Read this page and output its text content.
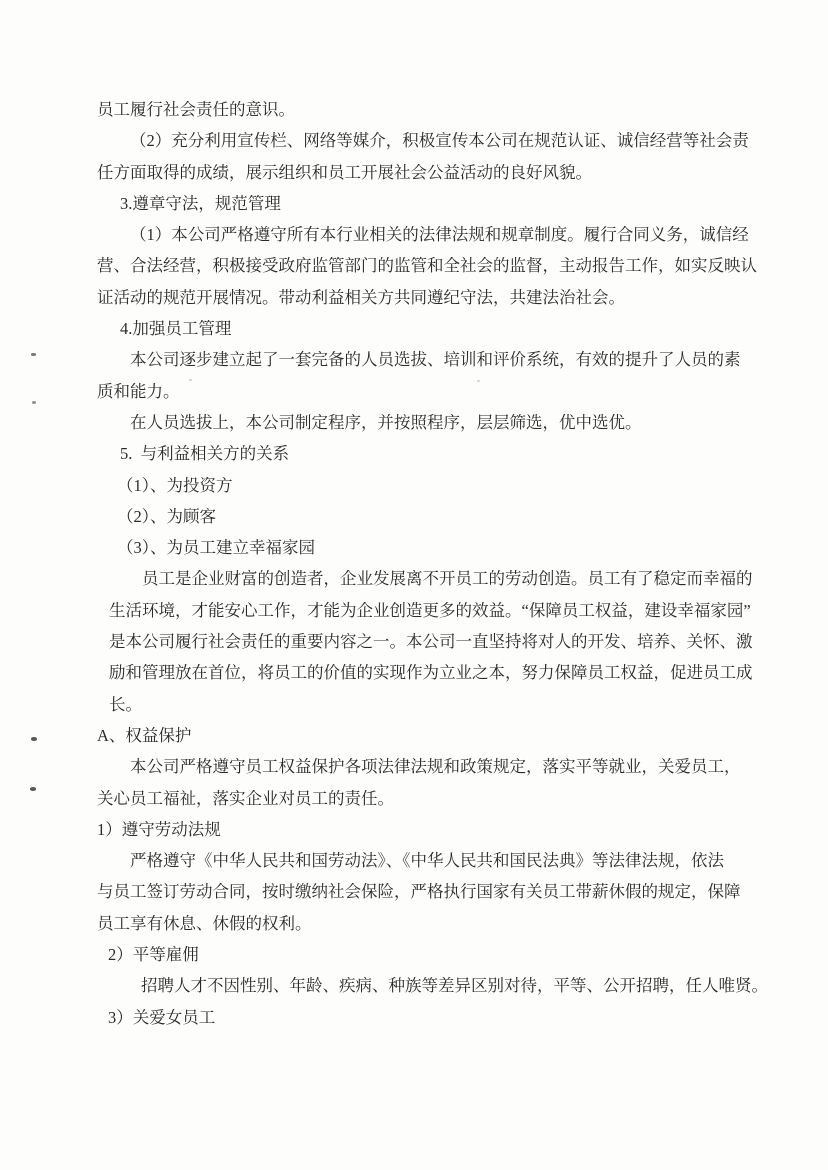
员工履行社会责任的意识。
（2）充分利用宣传栏、网络等媒介，积极宣传本公司在规范认证、诚信经营等社会责
任方面取得的成绩，展示组织和员工开展社会公益活动的良好风貌。
3.遵章守法，规范管理
（1）本公司严格遵守所有本行业相关的法律法规和规章制度。履行合同义务，诚信经
营、合法经营，积极接受政府监管部门的监管和全社会的监督，主动报告工作，如实反映认
证活动的规范开展情况。带动利益相关方共同遵纪守法，共建法治社会。
4.加强员工管理
本公司逐步建立起了一套完备的人员选拔、培训和评价系统，有效的提升了人员的素
质和能力。
在人员选拔上，本公司制定程序，并按照程序，层层筛选，优中选优。
5.  与利益相关方的关系
（1）、为投资方
（2）、为顾客
（3）、为员工建立幸福家园
员工是企业财富的创造者，企业发展离不开员工的劳动创造。员工有了稳定而幸福的
生活环境，才能安心工作，才能为企业创造更多的效益。“保障员工权益，建设幸福家园”
是本公司履行社会责任的重要内容之一。本公司一直坚持将对人的开发、培养、关怀、激
励和管理放在首位，将员工的价值的实现作为立业之本，努力保障员工权益，促进员工成
长。
A、权益保护
本公司严格遵守员工权益保护各项法律法规和政策规定，落实平等就业，关爱员工，
关心员工福祉，落实企业对员工的责任。
1）遵守劳动法规
严格遵守《中华人民共和国劳动法》、《中华人民共和国民法典》等法律法规，依法
与员工签订劳动合同，按时缴纳社会保险，严格执行国家有关员工带薪休假的规定，保障
员工享有休息、休假的权利。
2）平等雇佣
招聘人才不因性别、年龄、疾病、种族等差异区别对待，平等、公开招聘，任人唯贤。
3）关爱女员工
